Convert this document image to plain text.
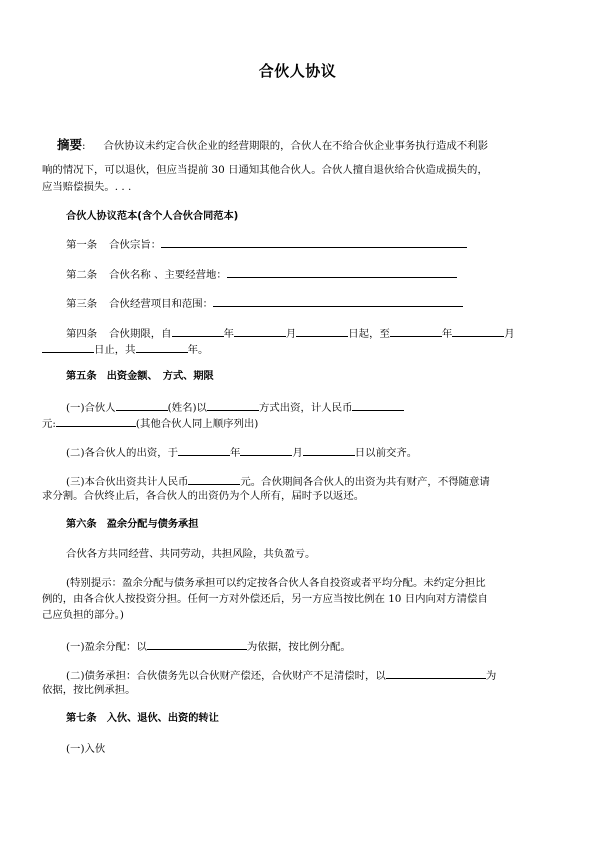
合伙人协议
摘要: 合伙协议未约定合伙企业的经营期限的，合伙人在不给合伙企业事务执行造成不利影
响的情况下，可以退伙，但应当提前 30 日通知其他合伙人。合伙人擅自退伙给合伙造成损失的，
应当赔偿损失。. . .
合伙人协议范本(含个人合伙合同范本)
第一条 合伙宗旨：
第二条 合伙名称 、主要经营地：
第三条 合伙经营项目和范围：
第四条 合伙期限，自	年	月	日起，至	年	月
日止，共	年。
第五条　出资金额、　方式、期限
(一)合伙人	(姓名)以	方式出资，计人民币
元:	(其他合伙人同上顺序列出)
(二)各合伙人的出资，于	年	月	日以前交齐。
(三)本合伙出资共计人民币	元。合伙期间各合伙人的出资为共有财产，不得随意请
求分割。合伙终止后，各合伙人的出资仍为个人所有，届时予以返还。
第六条　盈余分配与债务承担
合伙各方共同经营、共同劳动，共担风险，共负盈亏。
(特别提示：盈余分配与债务承担可以约定按各合伙人各自投资或者平均分配。未约定分担比
例的，由各合伙人按投资分担。任何一方对外偿还后，另一方应当按比例在 10 日内向对方清偿自
己应负担的部分。)
(一)盈余分配：以	为依据，按比例分配。
(二)债务承担：合伙债务先以合伙财产偿还，合伙财产不足清偿时，以	为
依据，按比例承担。
第七条　入伙、退伙、出资的转让
(一)入伙
